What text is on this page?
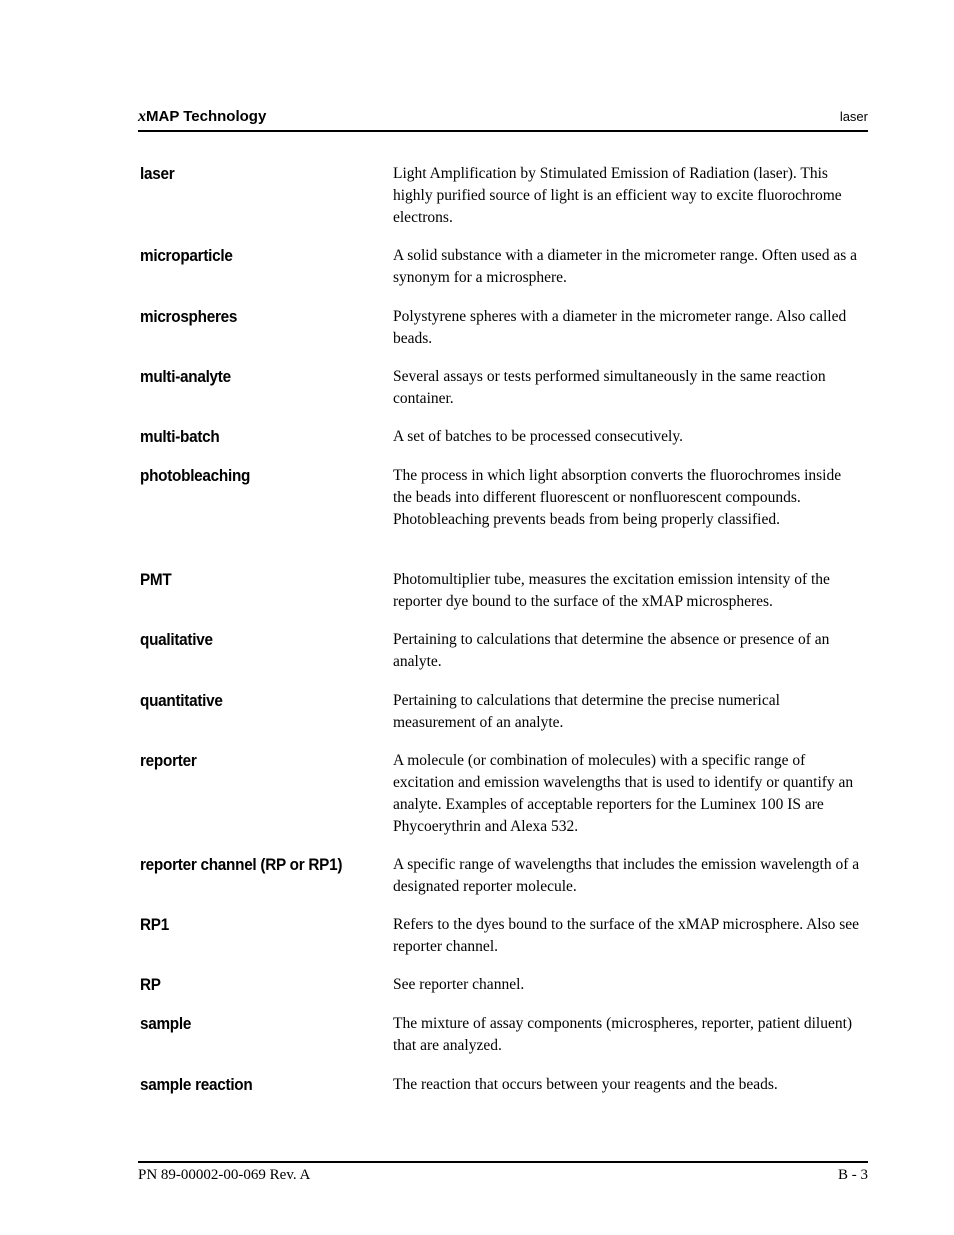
xMAP Technology	laser
laser	Light Amplification by Stimulated Emission of Radiation (laser). This highly purified source of light is an efficient way to excite fluorochrome electrons.
microparticle	A solid substance with a diameter in the micrometer range. Often used as a synonym for a microsphere.
microspheres	Polystyrene spheres with a diameter in the micrometer range. Also called beads.
multi-analyte	Several assays or tests performed simultaneously in the same reaction container.
multi-batch	A set of batches to be processed consecutively.
photobleaching	The process in which light absorption converts the fluorochromes inside the beads into different fluorescent or nonfluorescent compounds. Photobleaching prevents beads from being properly classified.
PMT	Photomultiplier tube, measures the excitation emission intensity of the reporter dye bound to the surface of the xMAP microspheres.
qualitative	Pertaining to calculations that determine the absence or presence of an analyte.
quantitative	Pertaining to calculations that determine the precise numerical measurement of an analyte.
reporter	A molecule (or combination of molecules) with a specific range of excitation and emission wavelengths that is used to identify or quantify an analyte. Examples of acceptable reporters for the Luminex 100 IS are Phycoerythrin and Alexa 532.
reporter channel (RP or RP1)	A specific range of wavelengths that includes the emission wavelength of a designated reporter molecule.
RP1	Refers to the dyes bound to the surface of the xMAP microsphere. Also see reporter channel.
RP	See reporter channel.
sample	The mixture of assay components (microspheres, reporter, patient diluent) that are analyzed.
sample reaction	The reaction that occurs between your reagents and the beads.
PN 89-00002-00-069 Rev. A	B - 3
